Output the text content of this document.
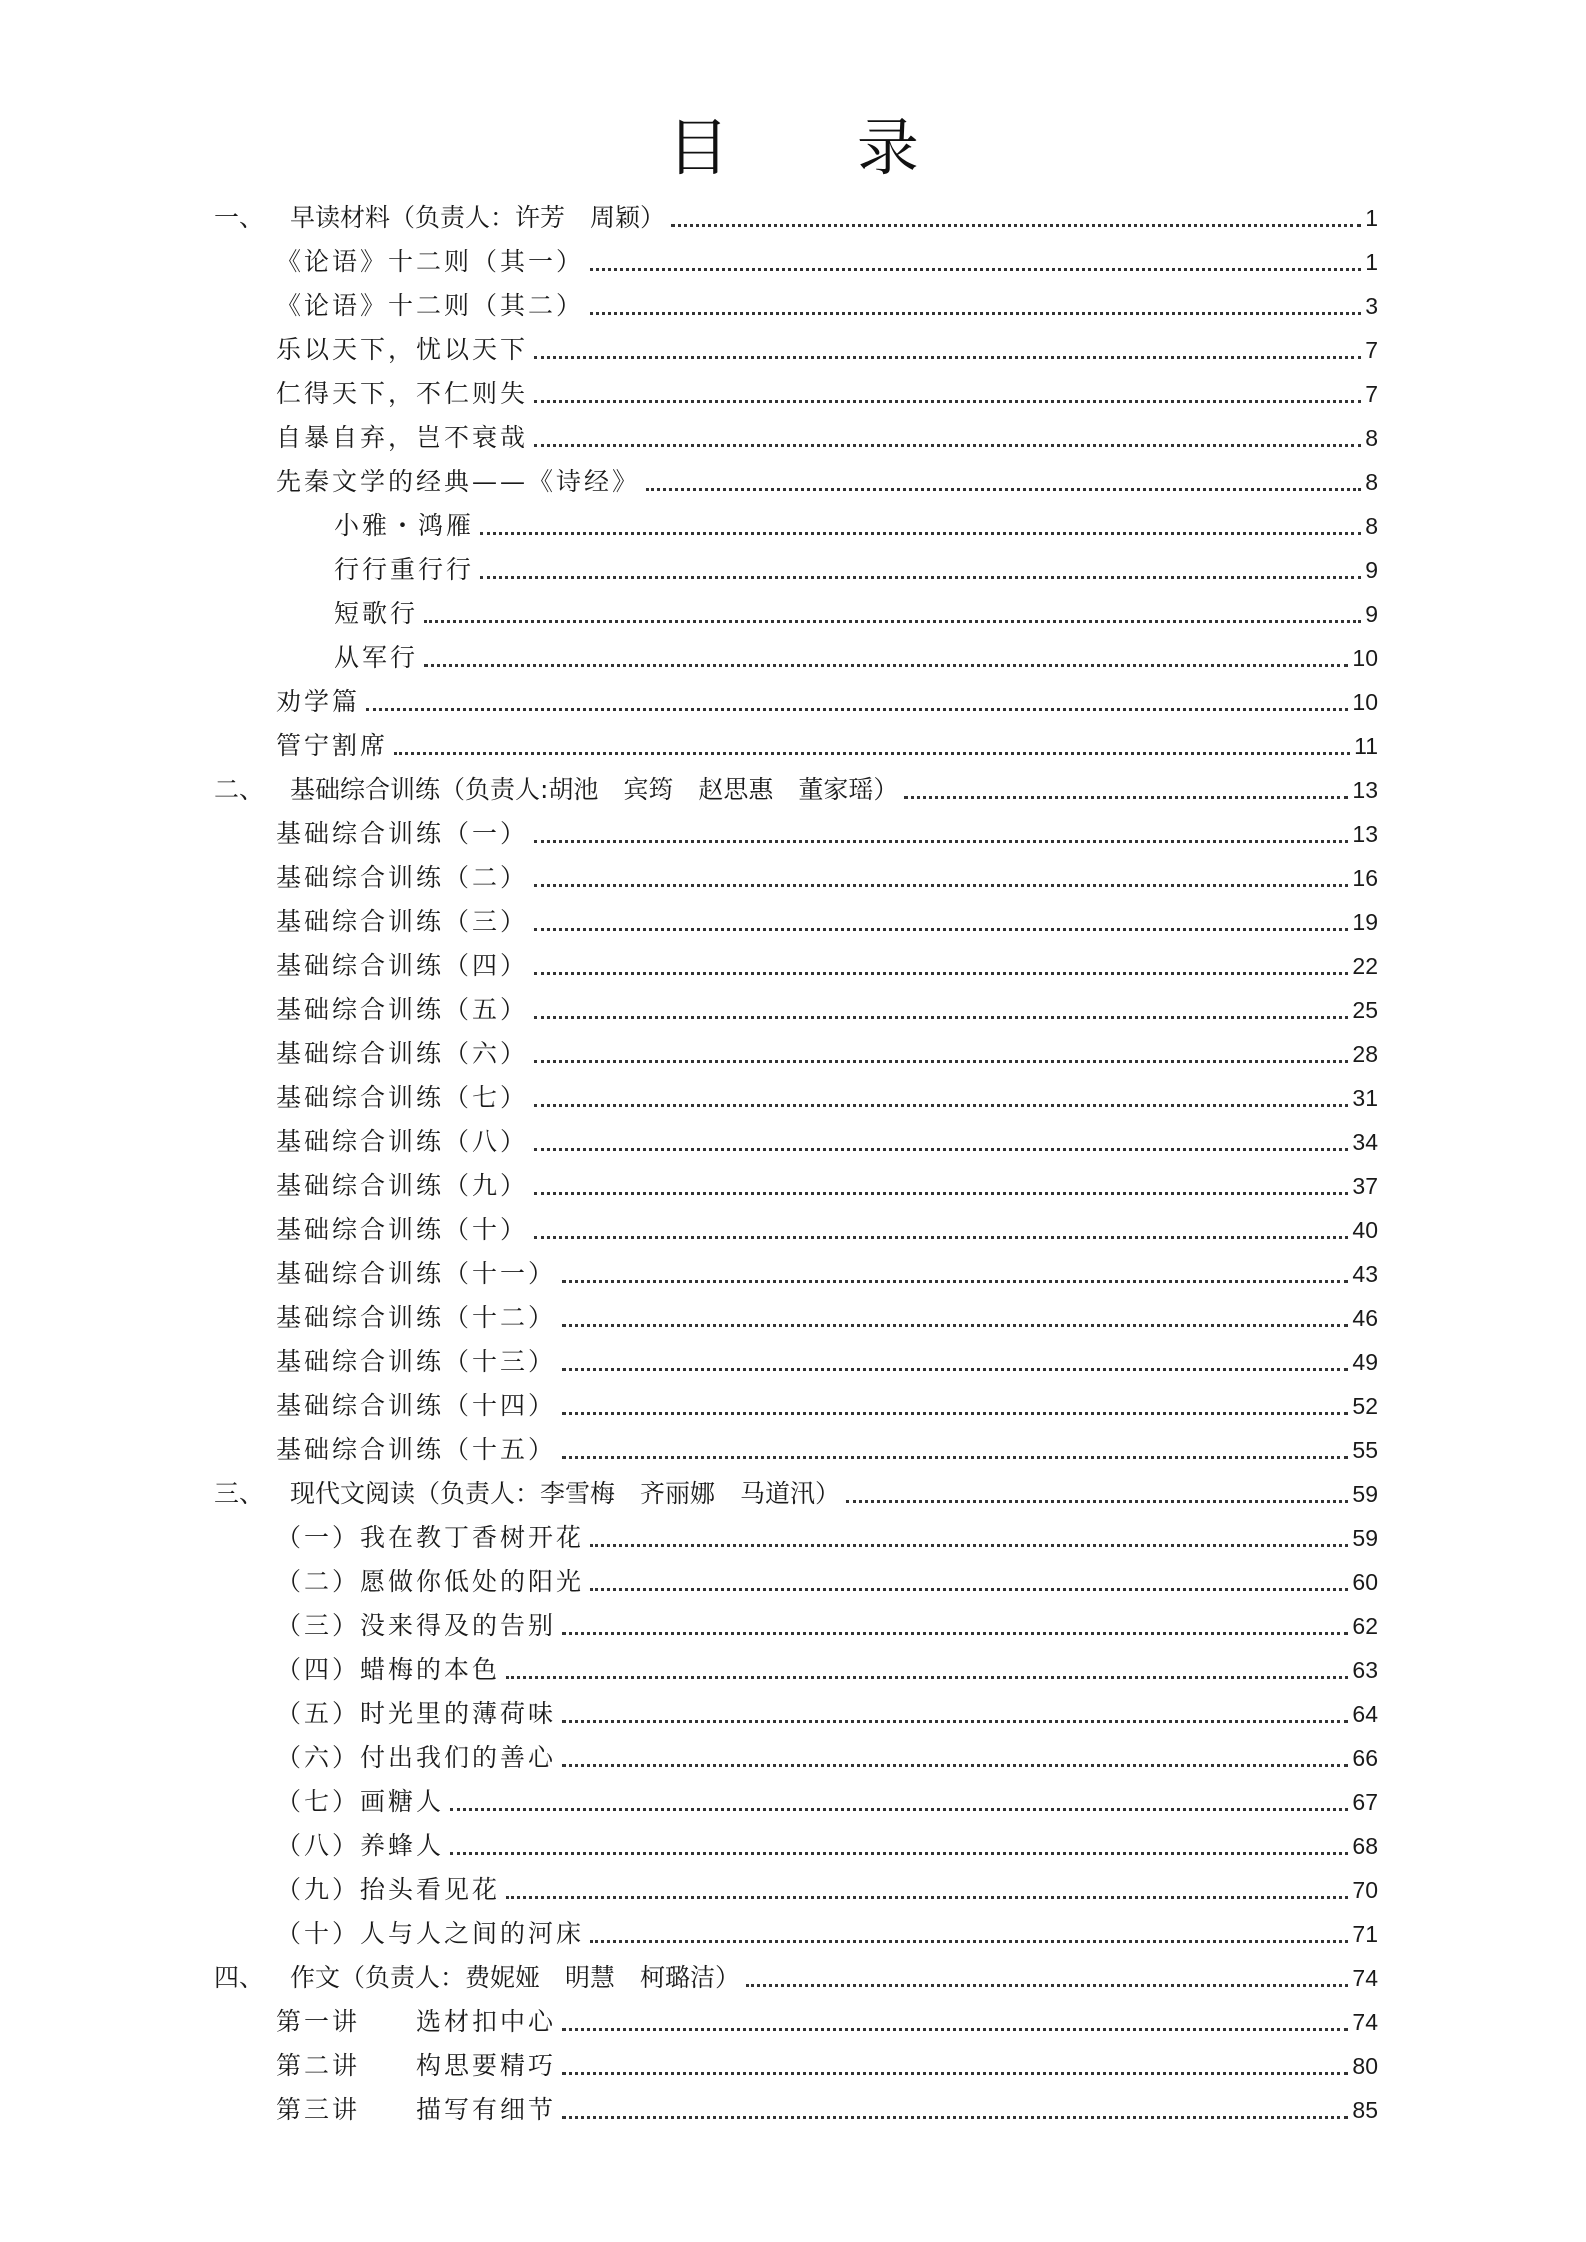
目 录
一、	早读材料（负责人：许芳　周颖）	1
《论语》十二则（其一）	1
《论语》十二则（其二）	3
乐以天下，忧以天下	7
仁得天下，不仁则失	7
自暴自弃，岂不衰哉	8
先秦文学的经典——《诗经》	8
小雅・鸿雁	8
行行重行行	9
短歌行	9
从军行	10
劝学篇	10
管宁割席	11
二、	基础综合训练（负责人:胡池　宾筠　赵思惠　董家瑶）	13
基础综合训练（一）	13
基础综合训练（二）	16
基础综合训练（三）	19
基础综合训练（四）	22
基础综合训练（五）	25
基础综合训练（六）	28
基础综合训练（七）	31
基础综合训练（八）	34
基础综合训练（九）	37
基础综合训练（十）	40
基础综合训练（十一）	43
基础综合训练（十二）	46
基础综合训练（十三）	49
基础综合训练（十四）	52
基础综合训练（十五）	55
三、	现代文阅读（负责人：李雪梅　齐丽娜　马道汛）	59
（一）我在教丁香树开花	59
（二）愿做你低处的阳光	60
（三）没来得及的告别	62
（四）蜡梅的本色	63
（五）时光里的薄荷味	64
（六）付出我们的善心	66
（七）画糖人	67
（八）养蜂人	68
（九）抬头看见花	70
（十）人与人之间的河床	71
四、	作文（负责人：费妮娅　明慧　柯璐洁）	74
第一讲　　选材扣中心	74
第二讲　　构思要精巧	80
第三讲　　描写有细节	85
